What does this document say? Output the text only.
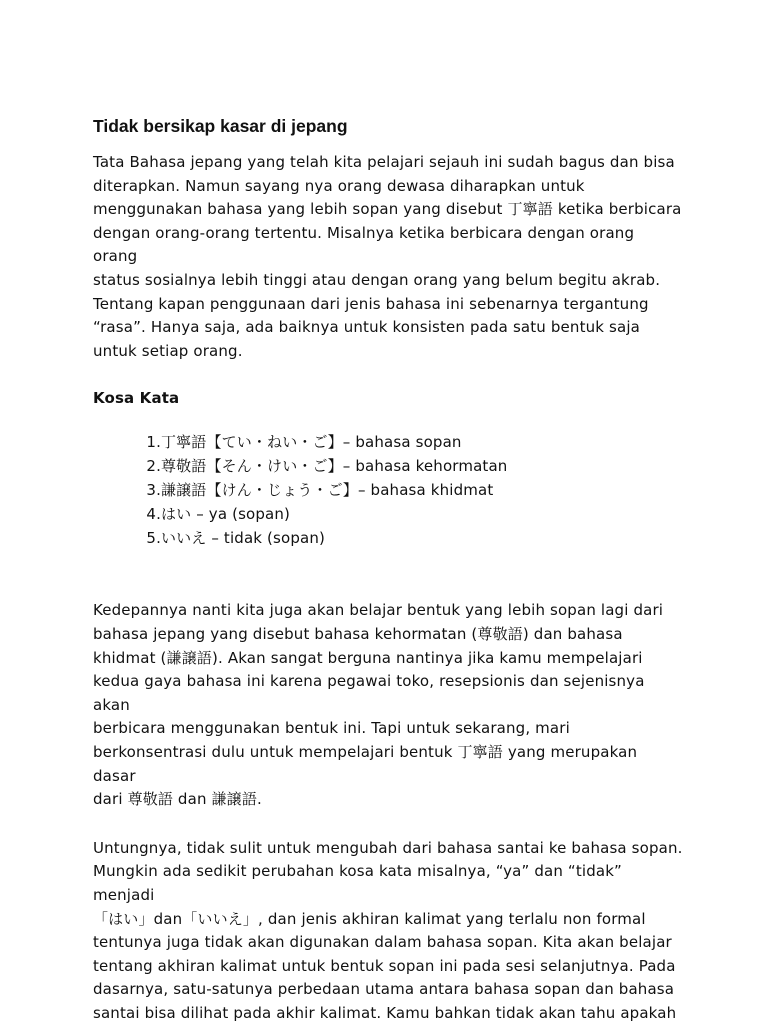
Tidak bersikap kasar di jepang
Tata Bahasa jepang yang telah kita pelajari sejauh ini sudah bagus dan bisa
diterapkan. Namun sayang nya orang dewasa diharapkan untuk
menggunakan bahasa yang lebih sopan yang disebut 丁寧語 ketika berbicara
dengan orang-orang tertentu. Misalnya ketika berbicara dengan orang orang
status sosialnya lebih tinggi atau dengan orang yang belum begitu akrab.
Tentang kapan penggunaan dari jenis bahasa ini sebenarnya tergantung
“rasa”. Hanya saja, ada baiknya untuk konsisten pada satu bentuk saja
untuk setiap orang.
Kosa Kata
1. 丁寧語【てい・ねい・ご】– bahasa sopan
2. 尊敬語【そん・けい・ご】– bahasa kehormatan
3. 謙譲語【けん・じょう・ご】– bahasa khidmat
4. はい – ya (sopan)
5. いいえ – tidak (sopan)
Kedepannya nanti kita juga akan belajar bentuk yang lebih sopan lagi dari
bahasa jepang yang disebut bahasa kehormatan (尊敬語) dan bahasa
khidmat (謙譲語). Akan sangat berguna nantinya jika kamu mempelajari
kedua gaya bahasa ini karena pegawai toko, resepsionis dan sejenisnya akan
berbicara menggunakan bentuk ini. Tapi untuk sekarang, mari
berkonsentrasi dulu untuk mempelajari bentuk 丁寧語 yang merupakan dasar
dari 尊敬語 dan 謙譲語.
Untungnya, tidak sulit untuk mengubah dari bahasa santai ke bahasa sopan.
Mungkin ada sedikit perubahan kosa kata misalnya, “ya” dan “tidak” menjadi
「はい」dan「いいえ」, dan jenis akhiran kalimat yang terlalu non formal
tentunya juga tidak akan digunakan dalam bahasa sopan. Kita akan belajar
tentang akhiran kalimat untuk bentuk sopan ini pada sesi selanjutnya. Pada
dasarnya, satu-satunya perbedaan utama antara bahasa sopan dan bahasa
santai bisa dilihat pada akhir kalimat. Kamu bahkan tidak akan tahu apakah
